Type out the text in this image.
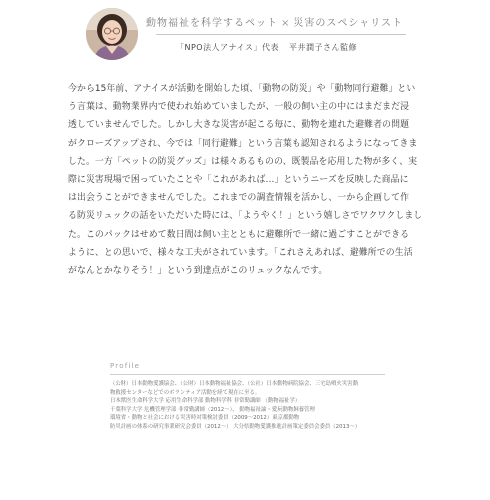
動物福祉を科学するペット × 災害のスペシャリスト
「NPO法人アナイス」代表 平井潤子さん監修

今から15年前、アナイスが活動を開始した頃、「動物の防災」や「動物同行避難」とい

う言葉は、動物業界内で使われ始めていましたが、一般の飼い主の中にはまだまだ浸

透していませんでした。しかし大きな災害が起こる毎に、動物を連れた避難者の問題

がクローズアップされ、今では「同行避難」という言葉も認知されるようになってきま

した。一方「ペットの防災グッズ」は様々あるものの、既製品を応用した物が多く、実

際に災害現場で困っていたことや「これがあれば…」というニーズを反映した商品に

は出会うことができませんでした。これまでの調査情報を活かし、一から企画して作

る防災リュックの話をいただいた時には、「ようやく！」という嬉しさでワクワクしまし

た。このパックはせめて数日間は飼い主とともに避難所で一緒に過ごすことができる

ように、との思いで、様々な工夫がされています。「これさえあれば、避難所での生活

がなんとかなりそう！」という到達点がこのリュックなんです。

Profile

（公財）日本動物愛護協会、（公財）日本動物福祉協会、（公社）日本動物病院協会、三宅島噴火災害動

物救援センターなどでのボランティア活動を経て現在に至る。

日本獣医生命科学大学 応用生命科学部 動物科学科 非常勤講師 （動物福祉学）

千葉科学大学 危機管理学部 非常勤講師（2012〜）、 動物福祉論・愛玩動物飼養管理

環境省・動物と社会における災害時対策検討委員（2009〜2012）東京都動物

防災計画の体系の研究事業研究会委員（2012〜） 大分県動物愛護推進計画策定委員会委員（2013〜）
